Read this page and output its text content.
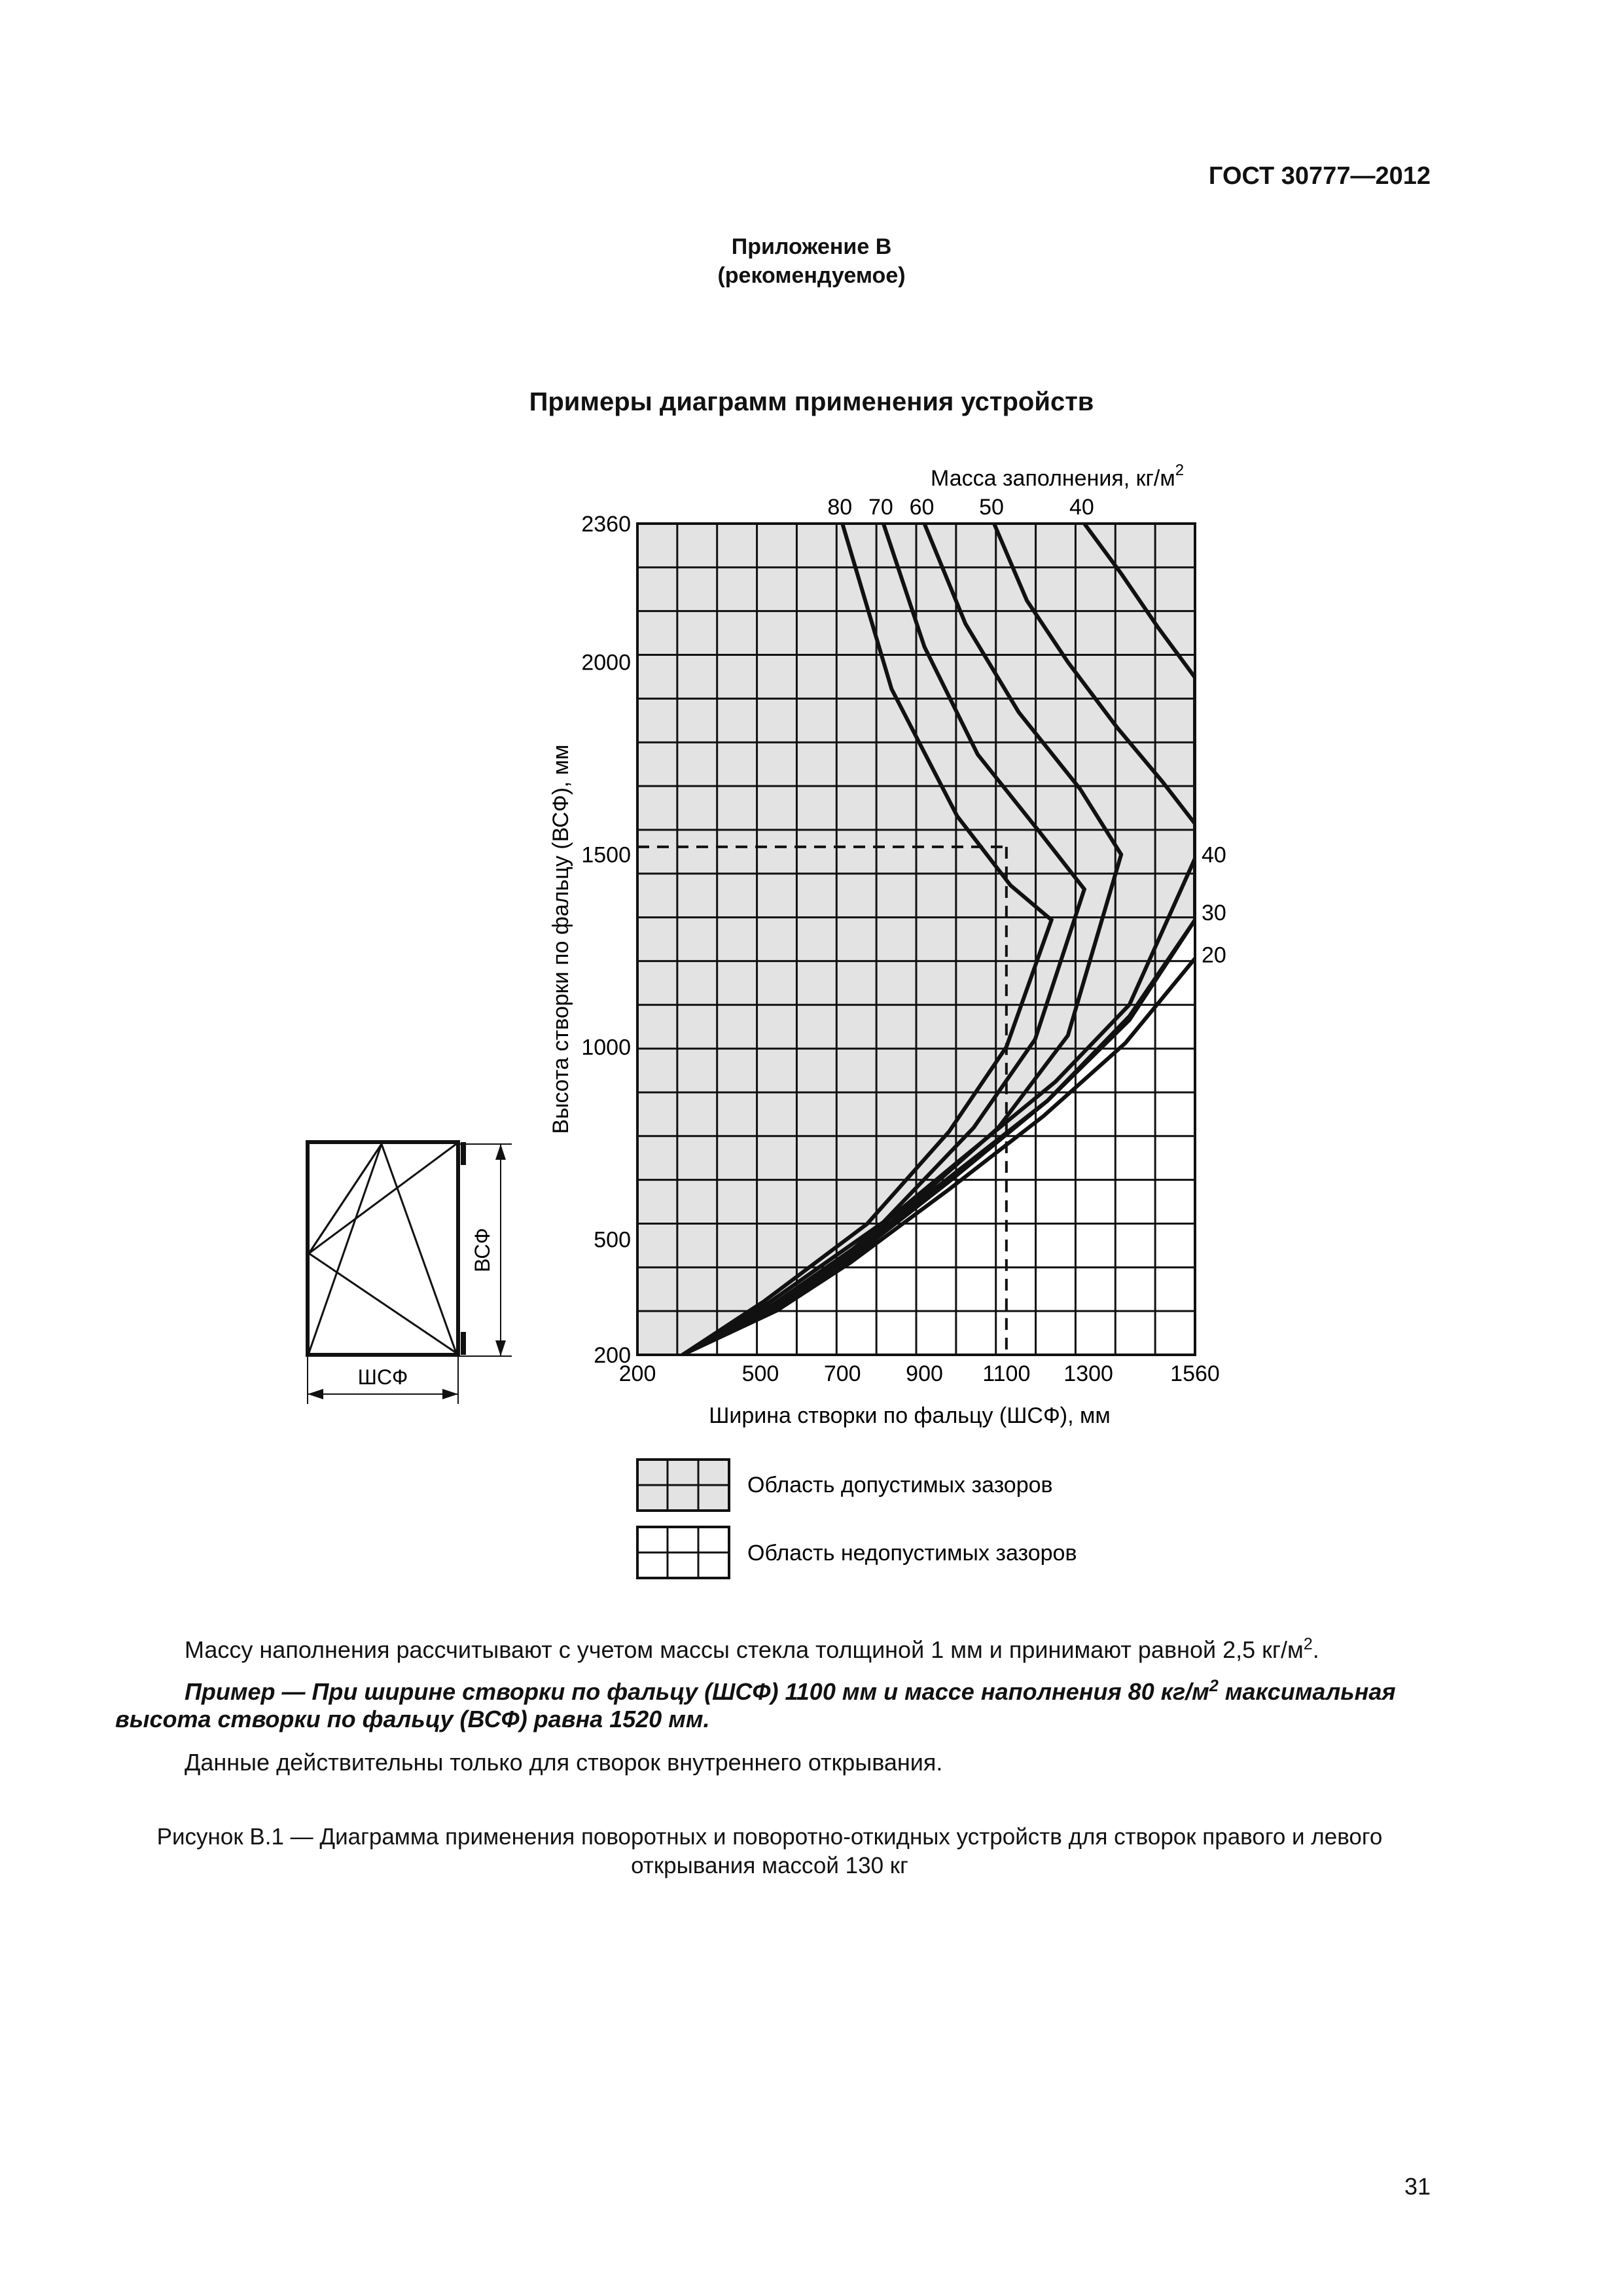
ГОСТ 30777—2012
Приложение В
(рекомендуемое)
Примеры диаграмм применения устройств
200	500 700 900 1100 1300	1560
200
500
1000
1500
2000
2360
80 70 60 50	40
40
30
20
Масса заполнения, $кг/м^2$
Ширина створки по фальцу (ШСФ), мм
Высота створки по фальцу (ВСФ), мм
ВСФ
ШСФ
Область допустимых зазоров
Область недопустимых зазоров
Массу наполнения рассчитывают с учетом массы стекла толщиной 1 мм и принимают равной 2,5 $кг/м^2$.
Пример — При ширине створки по фальцу (ШСФ) 1100 мм и массе наполнения 80 $кг/м^2$ максимальная
высота створки по фальцу (ВСФ) равна 1520 мм.
Данные действительны только для створок внутреннего открывания.
Рисунок В.1 — Диаграмма применения поворотных и поворотно-откидных устройств для створок правого и левого
открывания массой 130 кг
31
